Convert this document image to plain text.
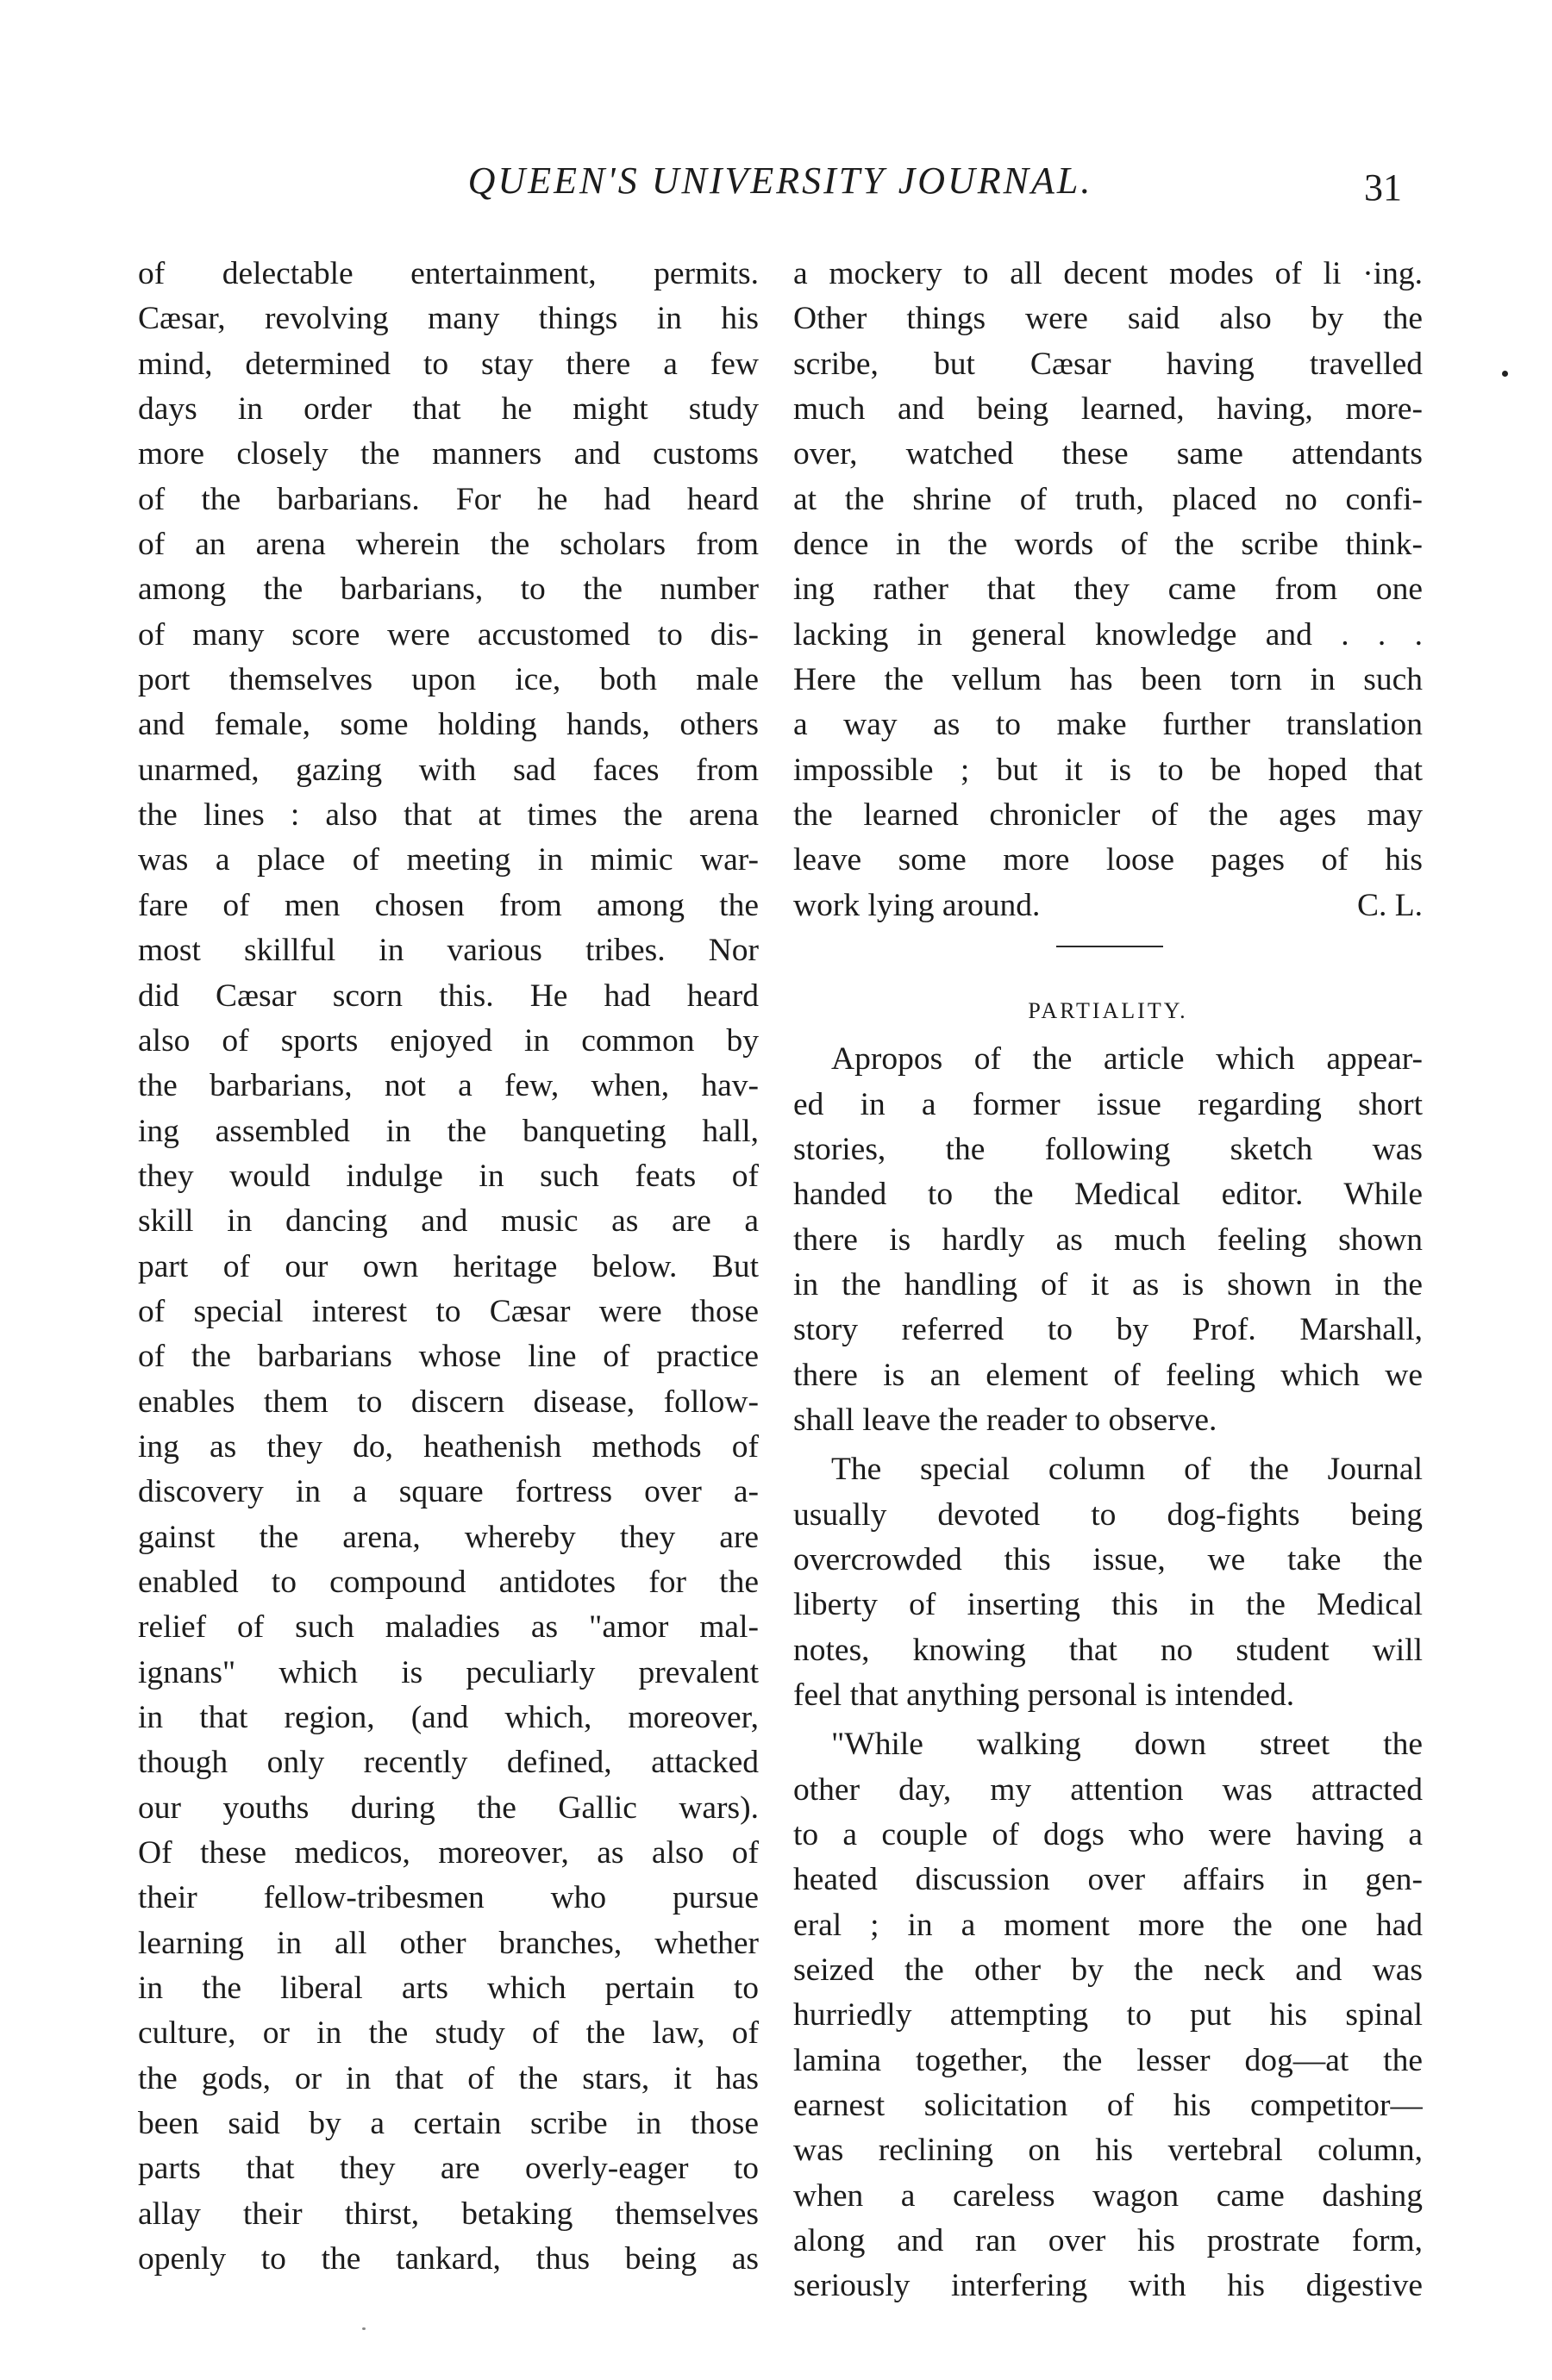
QUEEN'S UNIVERSITY JOURNAL.	31
of delectable entertainment, permits.
Cæsar, revolving many things in his
mind, determined to stay there a few
days in order that he might study
more closely the manners and customs
of the barbarians. For he had heard
of an arena wherein the scholars from
among the barbarians, to the number
of many score were accustomed to dis-
port themselves upon ice, both male
and female, some holding hands, others
unarmed, gazing with sad faces from
the lines : also that at times the arena
was a place of meeting in mimic war-
fare of men chosen from among the
most skillful in various tribes. Nor
did Cæsar scorn this. He had heard
also of sports enjoyed in common by
the barbarians, not a few, when, hav-
ing assembled in the banqueting hall,
they would indulge in such feats of
skill in dancing and music as are a
part of our own heritage below. But
of special interest to Cæsar were those
of the barbarians whose line of practice
enables them to discern disease, follow-
ing as they do, heathenish methods of
discovery in a square fortress over a-
gainst the arena, whereby they are
enabled to compound antidotes for the
relief of such maladies as "amor mal-
ignans" which is peculiarly prevalent
in that region, (and which, moreover,
though only recently defined, attacked
our youths during the Gallic wars).
Of these medicos, moreover, as also of
their fellow-tribesmen who pursue
learning in all other branches, whether
in the liberal arts which pertain to
culture, or in the study of the law, of
the gods, or in that of the stars, it has
been said by a certain scribe in those
parts that they are overly-eager to
allay their thirst, betaking themselves
openly to the tankard, thus being as
a mockery to all decent modes of li ·ing.
Other things were said also by the
scribe, but Cæsar having travelled
much and being learned, having, more-
over, watched these same attendants
at the shrine of truth, placed no confi-
dence in the words of the scribe think-
ing rather that they came from one
lacking in general knowledge and . . .
Here the vellum has been torn in such
a way as to make further translation
impossible ; but it is to be hoped that
the learned chronicler of the ages may
leave some more loose pages of his
work lying around.	C. L.
PARTIALITY.
Apropos of the article which appear-
ed in a former issue regarding short
stories, the following sketch was
handed to the Medical editor. While
there is hardly as much feeling shown
in the handling of it as is shown in the
story referred to by Prof. Marshall,
there is an element of feeling which we
shall leave the reader to observe.
The special column of the Journal
usually devoted to dog-fights being
overcrowded this issue, we take the
liberty of inserting this in the Medical
notes, knowing that no student will
feel that anything personal is intended.
"While walking down street the
other day, my attention was attracted
to a couple of dogs who were having a
heated discussion over affairs in gen-
eral ; in a moment more the one had
seized the other by the neck and was
hurriedly attempting to put his spinal
lamina together, the lesser dog—at the
earnest solicitation of his competitor—
was reclining on his vertebral column,
when a careless wagon came dashing
along and ran over his prostrate form,
seriously interfering with his digestive
